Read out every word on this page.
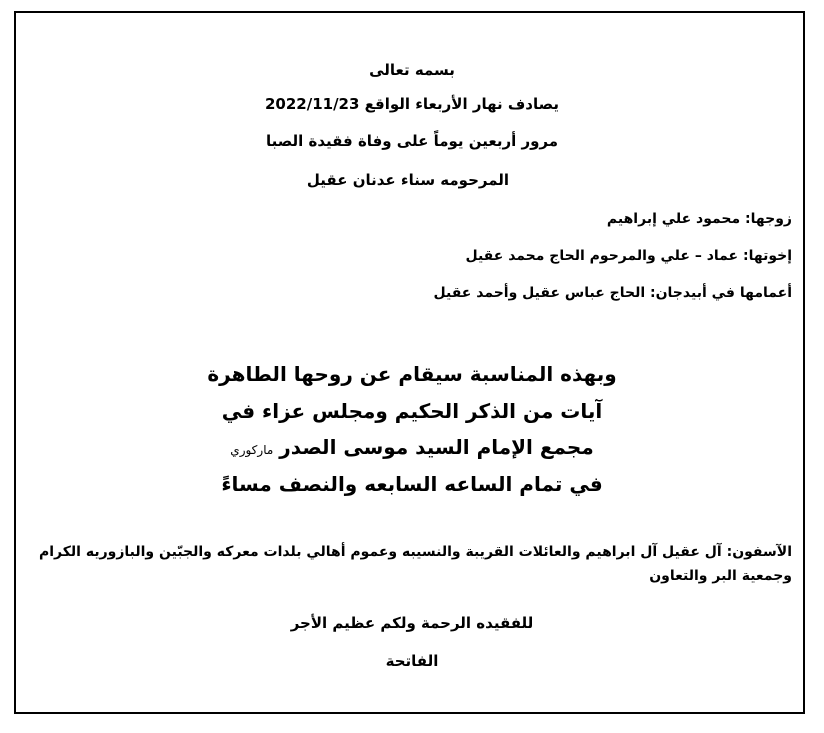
بسمه تعالى
يصادف نهار الأربعاء الواقع 2022/11/23
مرور أربعين يوماً على وفاة فقيدة الصبا
المرحومه سناء عدنان عقيل
زوجها: محمود علي إبراهيم
إخوتها: عماد – علي والمرحوم الحاج محمد عقيل
أعمامها في أبيدجان: الحاج عباس عقيل وأحمد عقيل
وبهذه المناسبة سيقام عن روحها الطاهرة
آيات من الذكر الحكيم ومجلس عزاء في
مجمع الإمام السيد موسى الصدرماركوري
في تمام الساعه السابعه والنصف مساءً
الآسفون: آل عقيل آل ابراهيم والعائلات القريبة والنسيبه وعموم أهالي بلدات معركه والجبّين والبازوريه الكرام وجمعية البر والتعاون
للفقيده الرحمة ولكم عظيم الأجر
الفاتحة
